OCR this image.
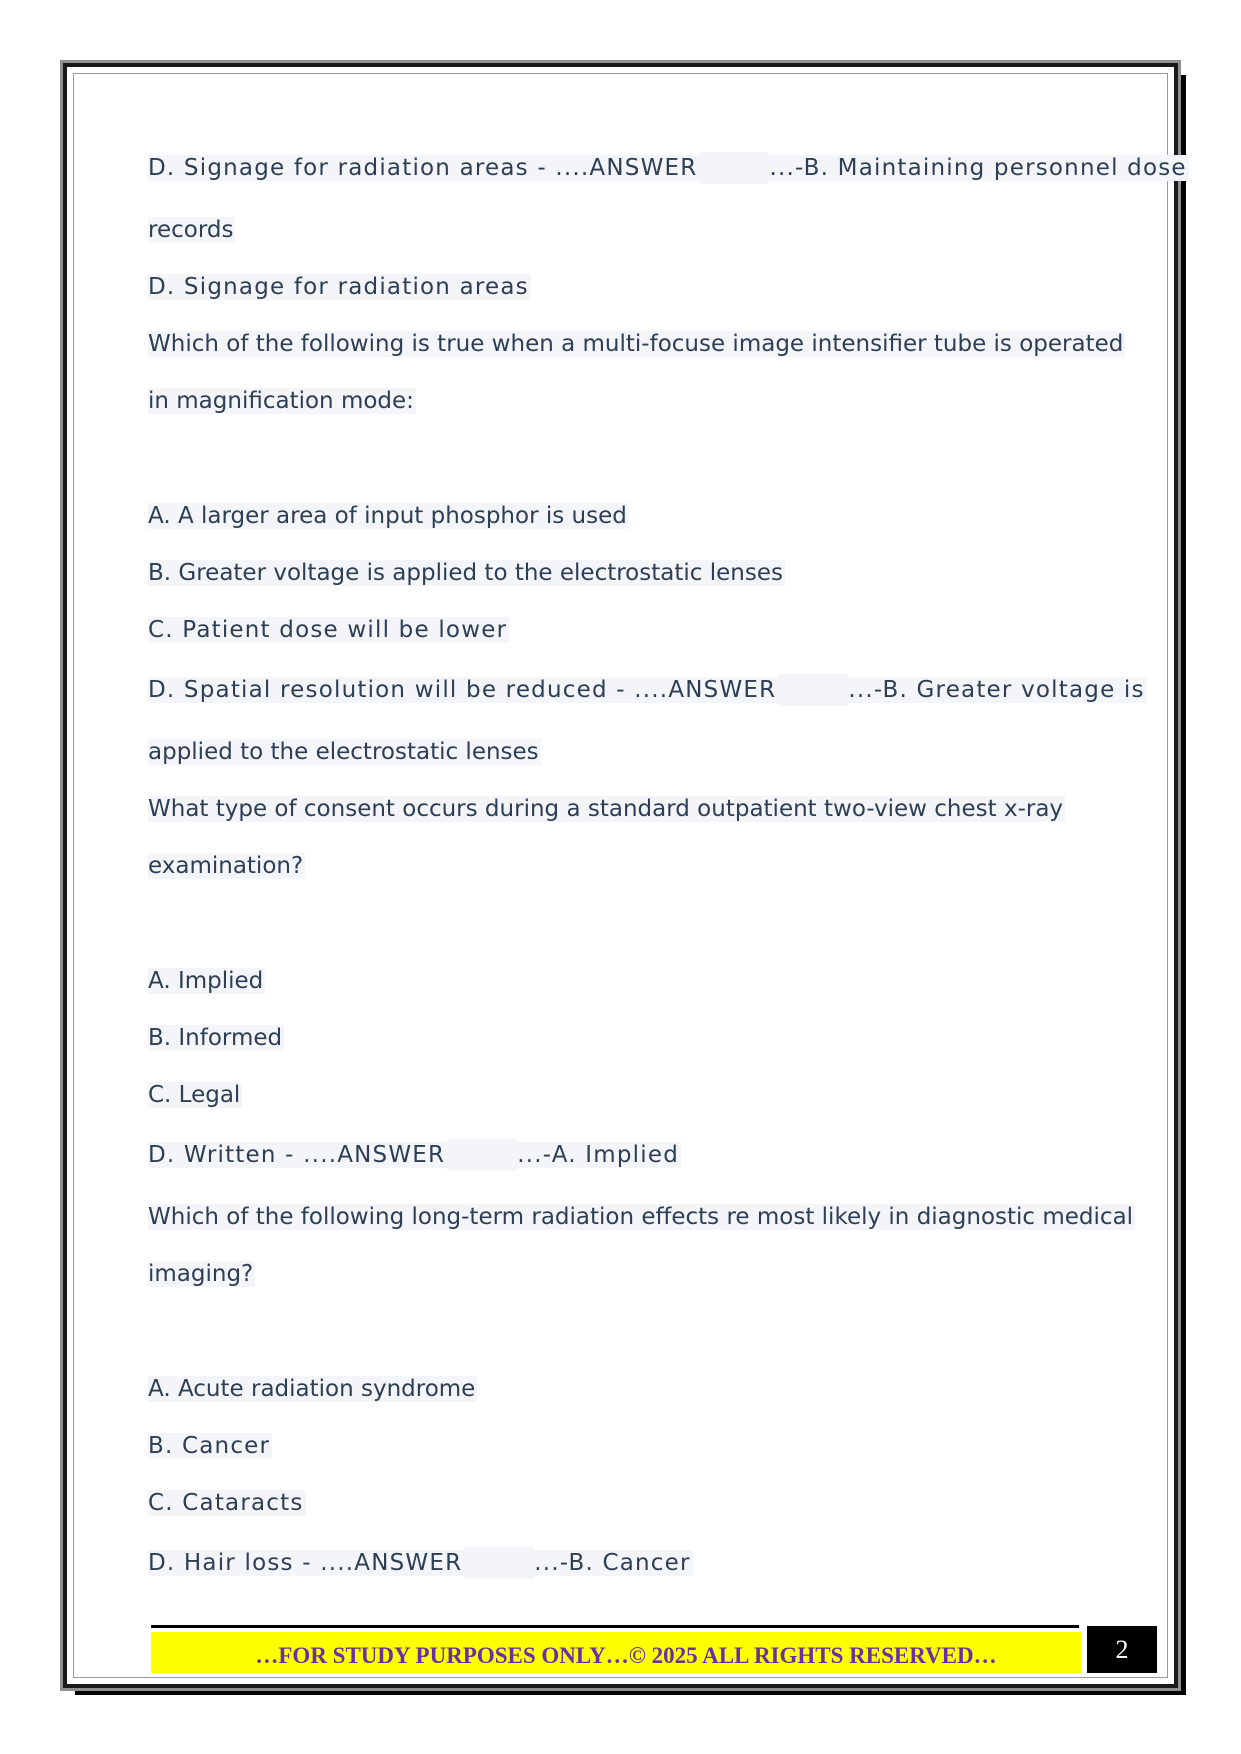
D. Signage for radiation areas - ....ANSWER	...-B. Maintaining personnel dose
records
D. Signage for radiation areas
Which of the following is true when a multi-focuse image intensifier tube is operated
in magnification mode:
A. A larger area of input phosphor is used
B. Greater voltage is applied to the electrostatic lenses
C. Patient dose will be lower
D. Spatial resolution will be reduced - ....ANSWER	...-B. Greater voltage is
applied to the electrostatic lenses
What type of consent occurs during a standard outpatient two-view chest x-ray
examination?
A. Implied
B. Informed
C. Legal
D. Written - ....ANSWER	...-A. Implied
Which of the following long-term radiation effects re most likely in diagnostic medical
imaging?
A. Acute radiation syndrome
B. Cancer
C. Cataracts
D. Hair loss - ....ANSWER	...-B. Cancer
…FOR STUDY PURPOSES ONLY…© 2025 ALL RIGHTS RESERVED…	2
